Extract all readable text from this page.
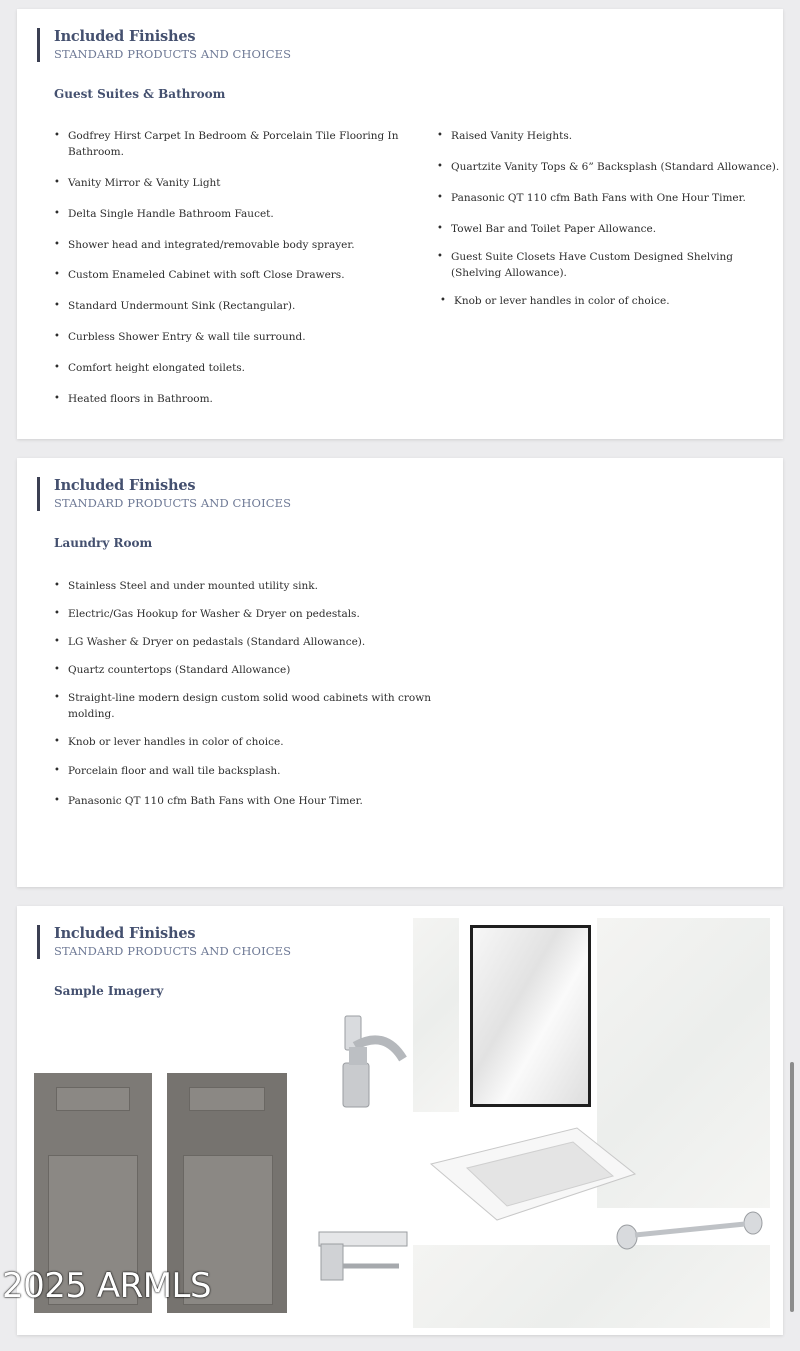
Included Finishes
STANDARD PRODUCTS AND CHOICES
Guest Suites & Bathroom
• Godfrey Hirst Carpet In Bedroom & Porcelain Tile Flooring In
Bathroom.
• Vanity Mirror & Vanity Light
• Delta Single Handle Bathroom Faucet.
• Shower head and integrated/removable body sprayer.
• Custom Enameled Cabinet with soft Close Drawers.
• Standard Undermount Sink (Rectangular).
• Curbless Shower Entry & wall tile surround.
• Comfort height elongated toilets.
• Heated floors in Bathroom.
• Raised Vanity Heights.
• Quartzite Vanity Tops & 6” Backsplash (Standard Allowance).
• Panasonic QT 110 cfm Bath Fans with One Hour Timer.
• Towel Bar and Toilet Paper Allowance.
• Guest Suite Closets Have Custom Designed Shelving
(Shelving Allowance).
• Knob or lever handles in color of choice.
Included Finishes
STANDARD PRODUCTS AND CHOICES
Laundry Room
• Stainless Steel and under mounted utility sink.
• Electric/Gas Hookup for Washer & Dryer on pedestals.
• LG Washer & Dryer on pedastals (Standard Allowance).
• Quartz countertops (Standard Allowance)
• Straight-line modern design custom solid wood cabinets with crown
molding.
• Knob or lever handles in color of choice.
• Porcelain floor and wall tile backsplash.
• Panasonic QT 110 cfm Bath Fans with One Hour Timer.
Included Finishes
STANDARD PRODUCTS AND CHOICES
Sample Imagery
2025 ARMLS
